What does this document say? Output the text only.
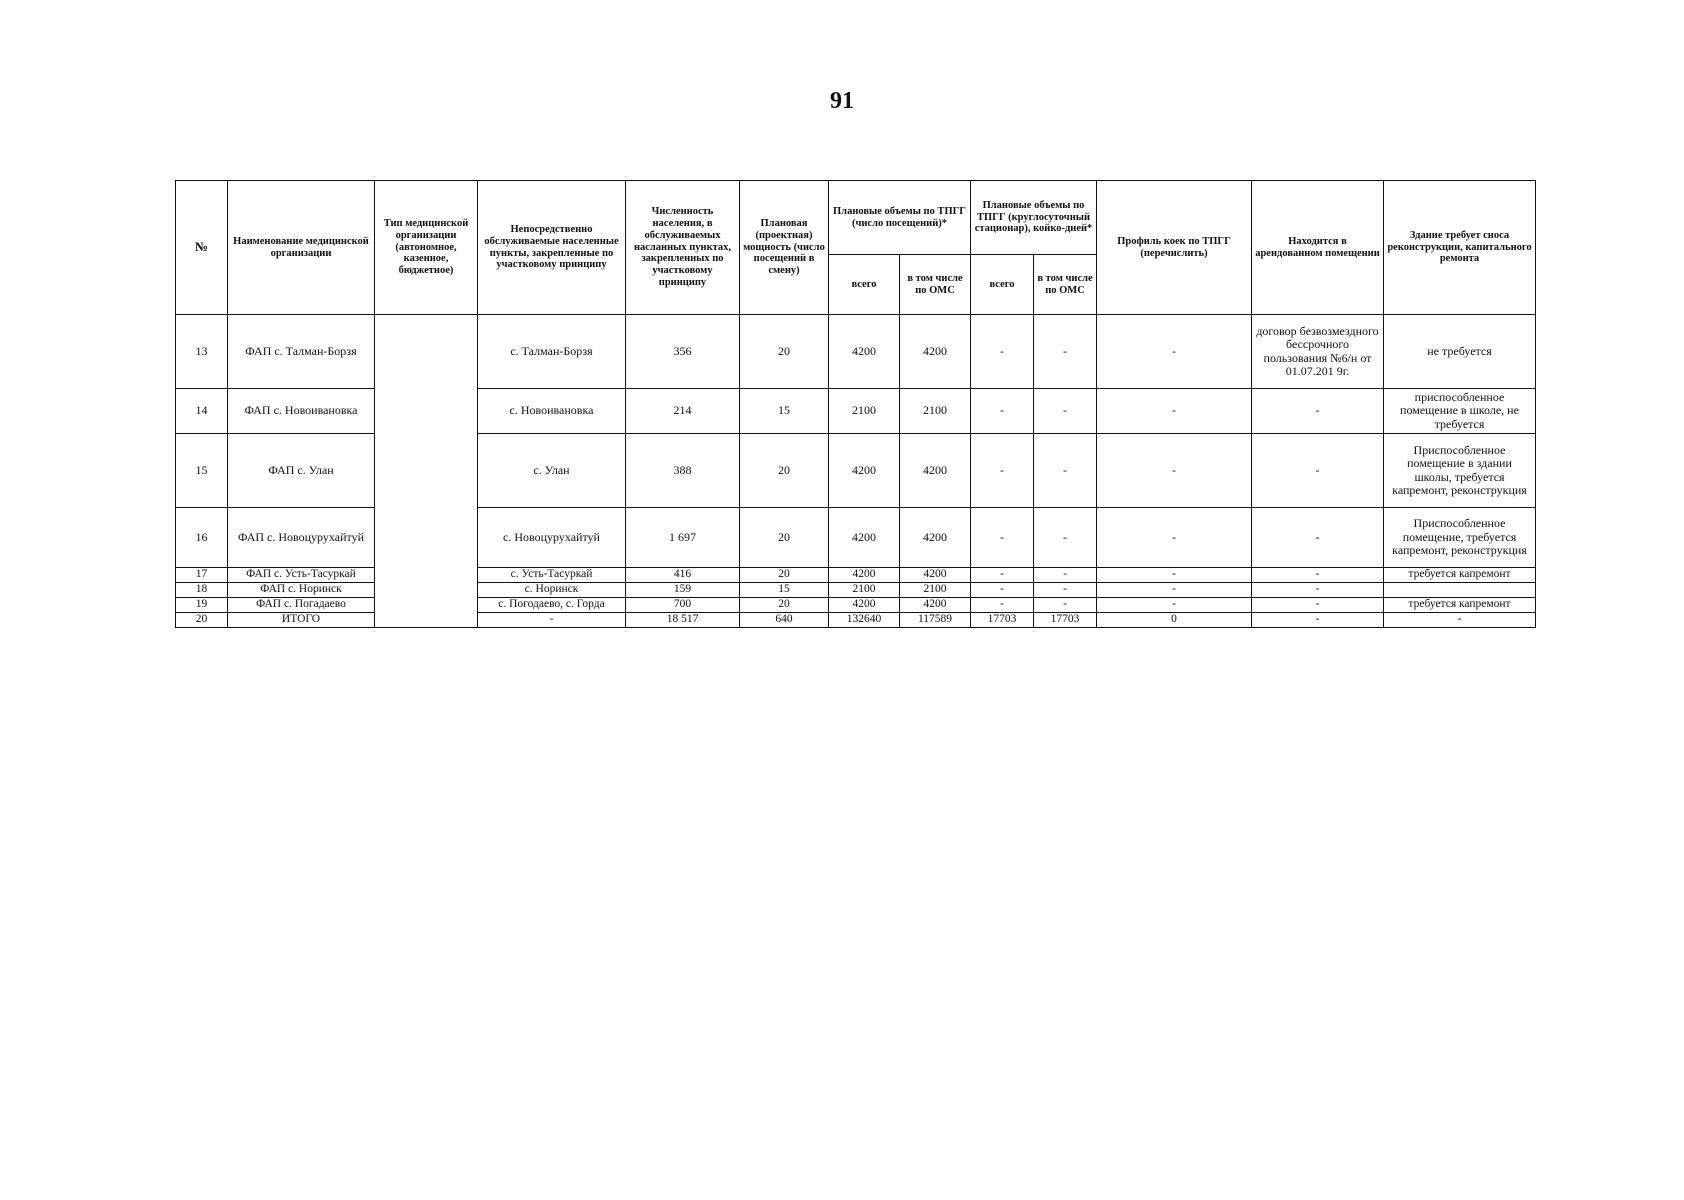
91
№	Наименование медицинской организации	Тип медицинской организации (автономное, казенное, бюджетное)	Непосредственно обслуживаемые населенные пункты, закрепленные по участковому принципу	Численность населения, в обслуживаемых насланных пунктах, закрепленных по участковому принципу	Плановая (проектная) мощность (число посещений в смену)	Плановые объемы по ТПГГ (число посещений)*		Плановые объемы по ТПГГ (круглосуточный стационар), койко-дней*		Профиль коек по ТПГГ (перечислить)	Находится в арендованном помещении	Здание требует сноса реконструкции, капитального ремонта
						всего	в том числе по ОМС	всего	в том числе по ОМС			
13	ФАП с. Талман-Борзя		с. Талман-Борзя	356	20	4200	4200	-	-	-	договор безвозмездного бессрочного пользования №6/н от 01.07.201 9г.	не требуется
14	ФАП с. Новоивановка		с. Новоивановка	214	15	2100	2100	-	-	-	-	приспособленное помещение в школе, не требуется
15	ФАП с. Улан		с. Улан	388	20	4200	4200	-	-	-	-	Приспособленное помещение в здании школы, требуется капремонт, реконструкция
16	ФАП с. Новоцурухайтуй		с. Новоцурухайтуй	1 697	20	4200	4200	-	-	-	-	Приспособленное помещение, требуется капремонт, реконструкция
17	ФАП с. Усть-Тасуркай		с. Усть-Тасуркай	416	20	4200	4200	-	-	-	-	требуется капремонт
18	ФАП с. Норинск		с. Норинск	159	15	2100	2100	-	-	-	-	
19	ФАП с. Погадаево		с. Погодаево, с. Горда	700	20	4200	4200	-	-	-	-	требуется капремонт
20	ИТОГО		-	18 517	640	132640	117589	17703	17703	0	-	-
